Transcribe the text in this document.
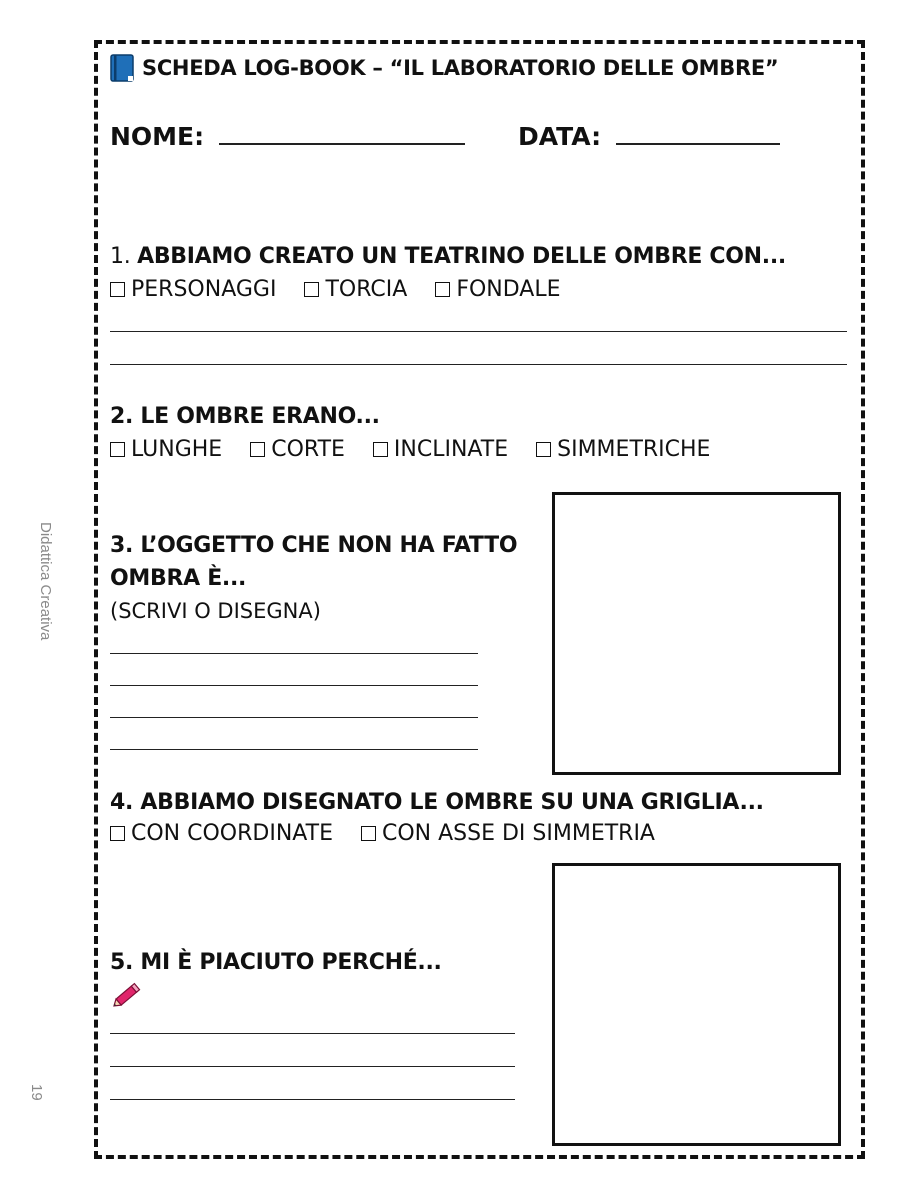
Didattica Creativa
19
SCHEDA LOG-BOOK – “IL LABORATORIO DELLE OMBRE”
NOME:	DATA:
1. ABBIAMO CREATO UN TEATRINO DELLE OMBRE CON...
PERSONAGGI TORCIA FONDALE
2. LE OMBRE ERANO...
LUNGHE CORTE INCLINATE SIMMETRICHE
3. L’OGGETTO CHE NON HA FATTO
OMBRA È...
(SCRIVI O DISEGNA)
4. ABBIAMO DISEGNATO LE OMBRE SU UNA GRIGLIA...
CON COORDINATE CON ASSE DI SIMMETRIA
5. MI È PIACIUTO PERCHÉ...
